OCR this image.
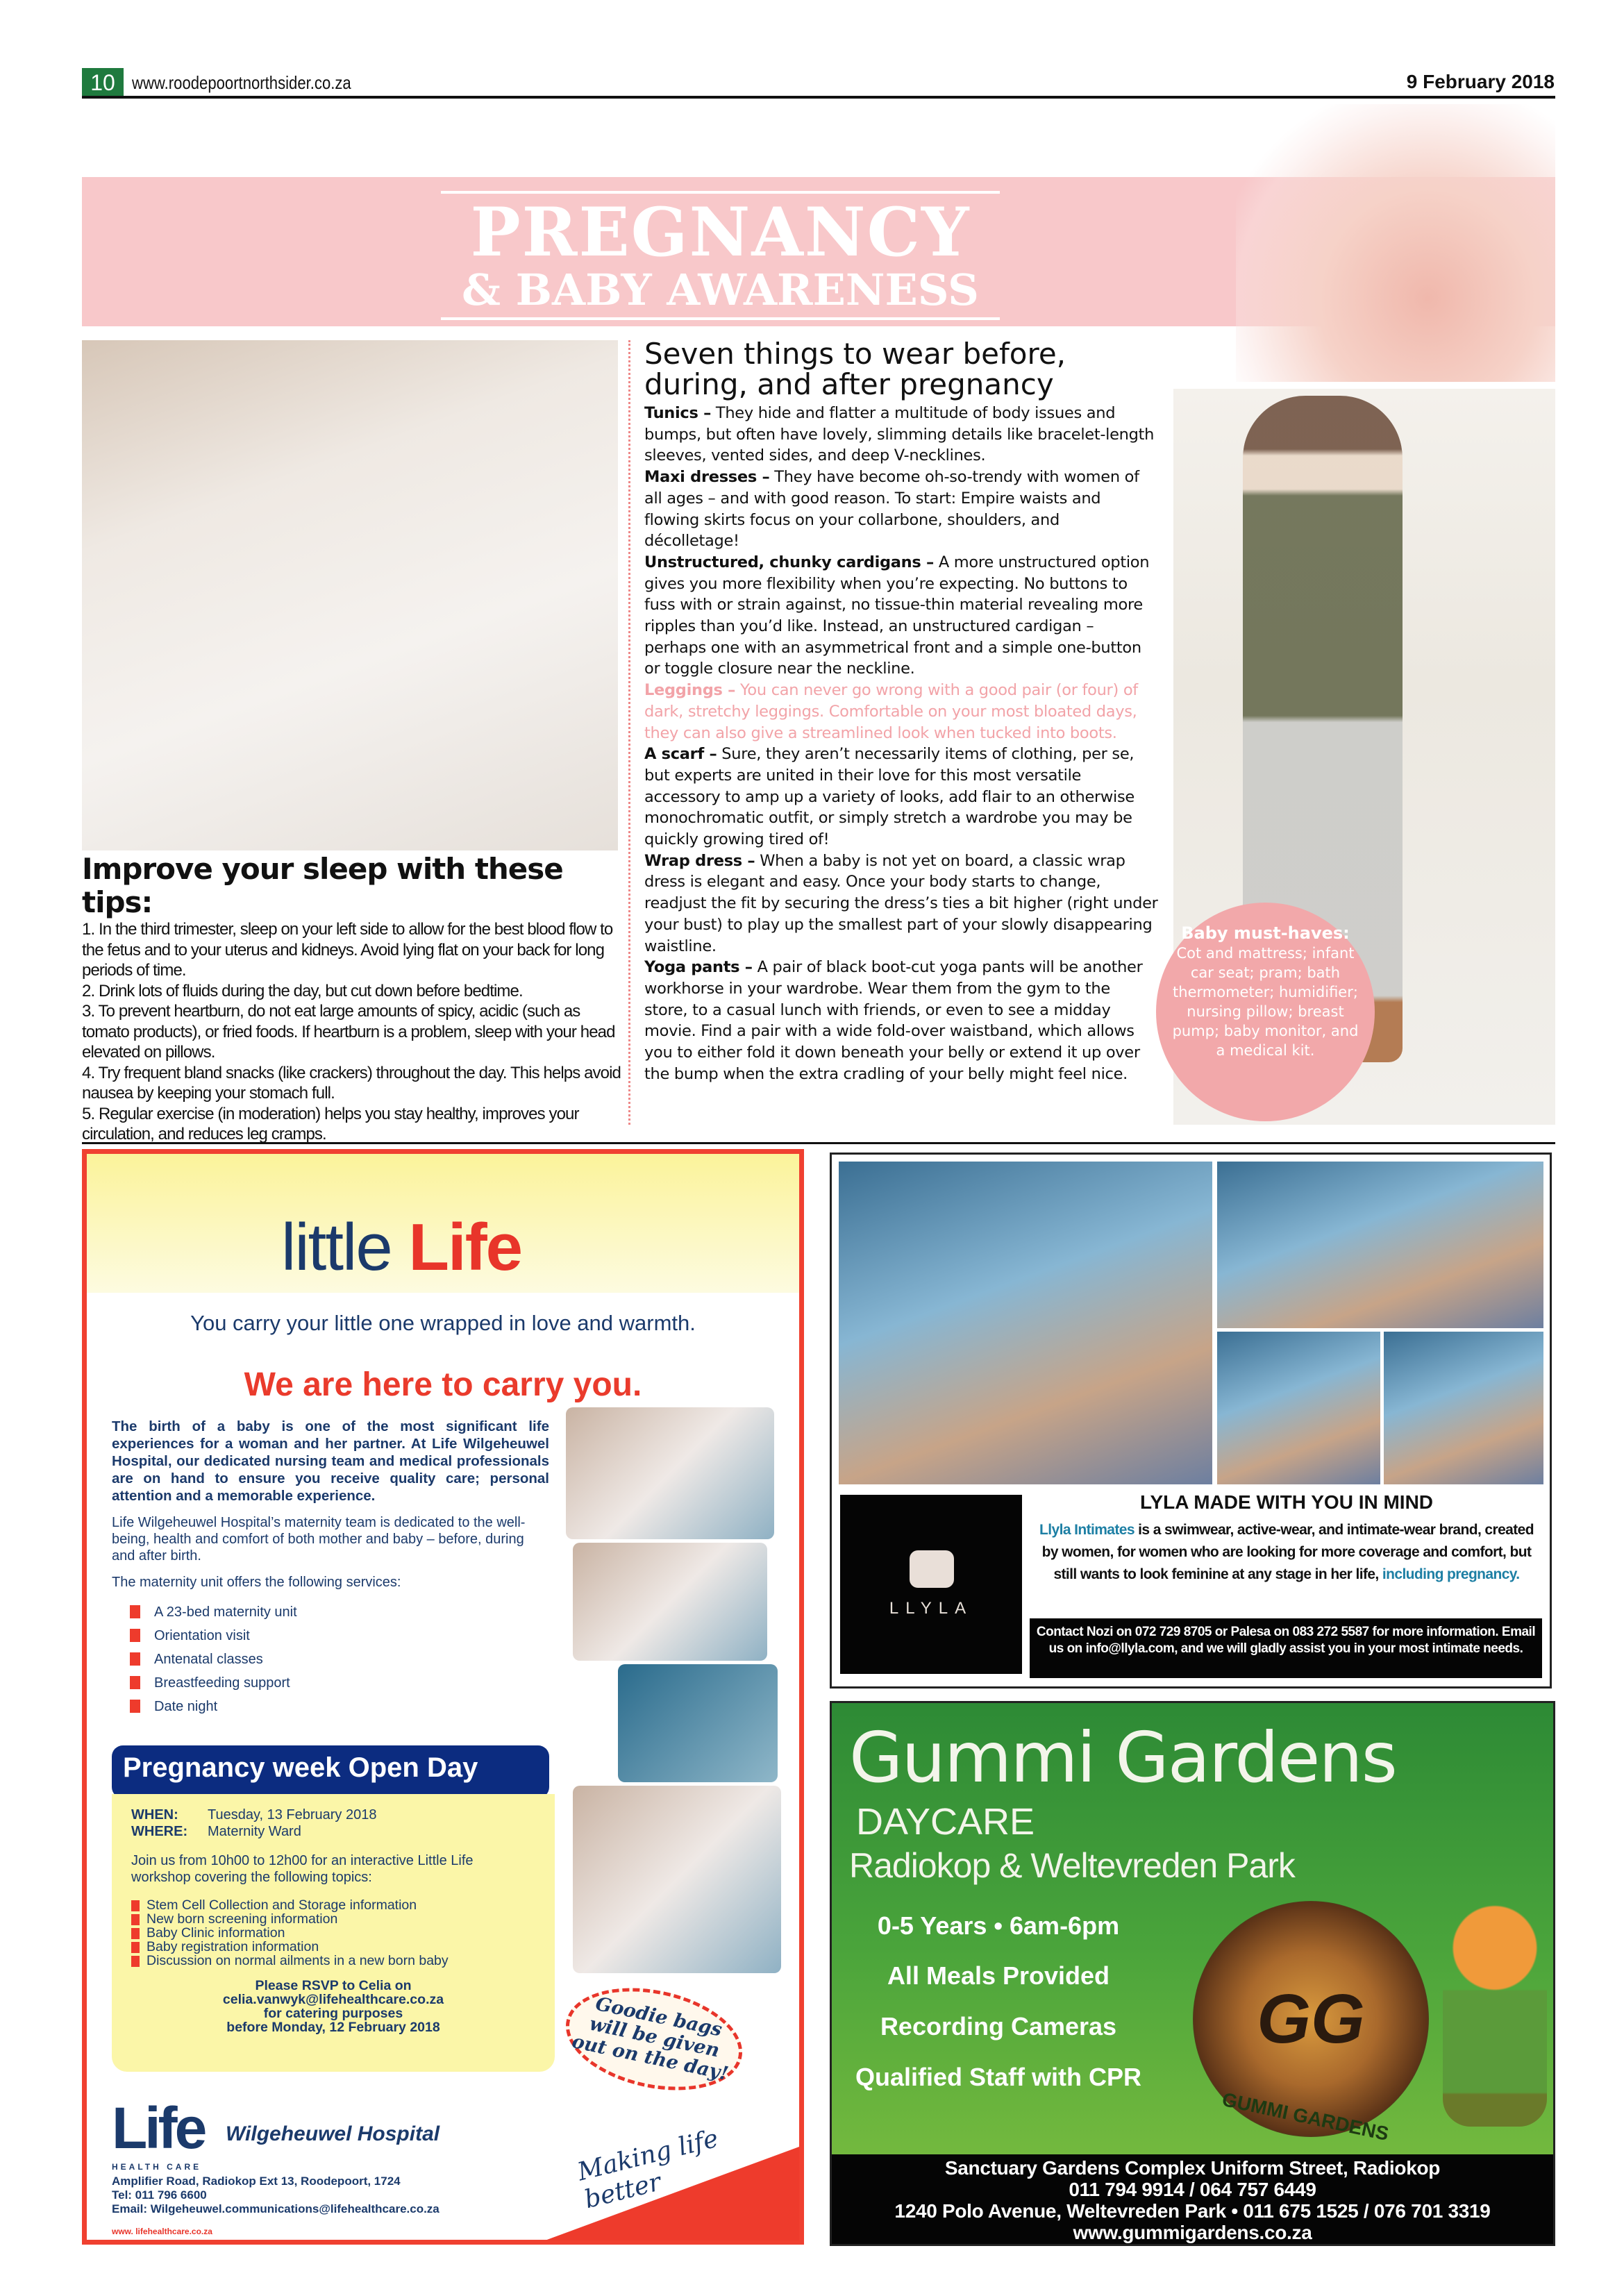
10 www.roodepoortnorthsider.co.za	9 February 2018
PREGNANCY
& BABY AWARENESS
Improve your sleep with these tips:

1. In the third trimester, sleep on your left side to allow for the best blood flow to the fetus and to your uterus and kidneys. Avoid lying flat on your back for long periods of time.

2. Drink lots of fluids during the day, but cut down before bedtime.

3. To prevent heartburn, do not eat large amounts of spicy, acidic (such as tomato products), or fried foods. If heartburn is a problem, sleep with your head elevated on pillows.

4. Try frequent bland snacks (like crackers) throughout the day. This helps avoid nausea by keeping your stomach full.

5. Regular exercise (in moderation) helps you stay healthy, improves your circulation, and reduces leg cramps.

Seven things to wear before, during, and after pregnancy

Tunics – They hide and flatter a multitude of body issues and bumps, but often have lovely, slimming details like bracelet-length sleeves, vented sides, and deep V-necklines.

Maxi dresses – They have become oh-so-trendy with women of all ages – and with good reason. To start: Empire waists and flowing skirts focus on your collarbone, shoulders, and décolletage!

Unstructured, chunky cardigans – A more unstructured option gives you more flexibility when you’re expecting. No buttons to fuss with or strain against, no tissue-thin material revealing more ripples than you’d like. Instead, an unstructured cardigan – perhaps one with an asymmetrical front and a simple one-button or toggle closure near the neckline.

Leggings – You can never go wrong with a good pair (or four) of dark, stretchy leggings. Comfortable on your most bloated days, they can also give a streamlined look when tucked into boots.

A scarf – Sure, they aren’t necessarily items of clothing, per se, but experts are united in their love for this most versatile accessory to amp up a variety of looks, add flair to an otherwise monochromatic outfit, or simply stretch a wardrobe you may be quickly growing tired of!

Wrap dress – When a baby is not yet on board, a classic wrap dress is elegant and easy. Once your body starts to change, readjust the fit by securing the dress’s ties a bit higher (right under your bust) to play up the smallest part of your slowly disappearing waistline.

Yoga pants – A pair of black boot-cut yoga pants will be another workhorse in your wardrobe. Wear them from the gym to the store, to a casual lunch with friends, or even to see a midday movie. Find a pair with a wide fold-over waistband, which allows you to either fold it down beneath your belly or extend it up over the bump when the extra cradling of your belly might feel nice.

Baby must-haves:
Cot and mattress; infant car seat; pram; bath thermometer; humidifier; nursing pillow; breast pump; baby monitor, and a medical kit.
little Life
You carry your little one wrapped in love and warmth.
We are here to carry you.

The birth of a baby is one of the most significant life experiences for a woman and her partner. At Life Wilgeheuwel Hospital, our dedicated nursing team and medical professionals are on hand to ensure you receive quality care; personal attention and a memorable experience.

Life Wilgeheuwel Hospital’s maternity team is dedicated to the well-being, health and comfort of both mother and baby – before, during and after birth.

The maternity unit offers the following services:

A 23-bed maternity unit
Orientation visit
Antenatal classes
Breastfeeding support
Date night
Pregnancy week Open Day
WHEN: Tuesday, 13 February 2018
WHERE: Maternity Ward

Join us from 10h00 to 12h00 for an interactive Little Life workshop covering the following topics:

Stem Cell Collection and Storage information
New born screening information
Baby Clinic information
Baby registration information
Discussion on normal ailments in a new born baby
Please RSVP to Celia on
celia.vanwyk@lifehealthcare.co.za
for catering purposes
before Monday, 12 February 2018	Goodie bags will be given out on the day!
Life
HEALTH CARE
Wilgeheuwel Hospital
Amplifier Road, Radiokop Ext 13, Roodepoort, 1724
Tel: 011 796 6600
Email: Wilgeheuwel.communications@lifehealthcare.co.za
www. lifehealthcare.co.za
Making life better
LLYLA
LYLA MADE WITH YOU IN MIND
Llyla Intimates is a swimwear, active-wear, and intimate-wear brand, created by women, for women who are looking for more coverage and comfort, but still wants to look feminine at any stage in her life, including pregnancy.
Contact Nozi on 072 729 8705 or Palesa on 083 272 5587 for more information. Email us on info@llyla.com, and we will gladly assist you in your most intimate needs.
Gummi Gardens
DAYCARE
0-5 Years • 6am-6pm
All Meals Provided
Recording Cameras
Qualified Staff with CPR
GG
GUMMI GARDENS
Radiokop & Weltevreden Park
Sanctuary Gardens Complex Uniform Street, Radiokop
011 794 9914 / 064 757 6449
1240 Polo Avenue, Weltevreden Park • 011 675 1525 / 076 701 3319
www.gummigardens.co.za
